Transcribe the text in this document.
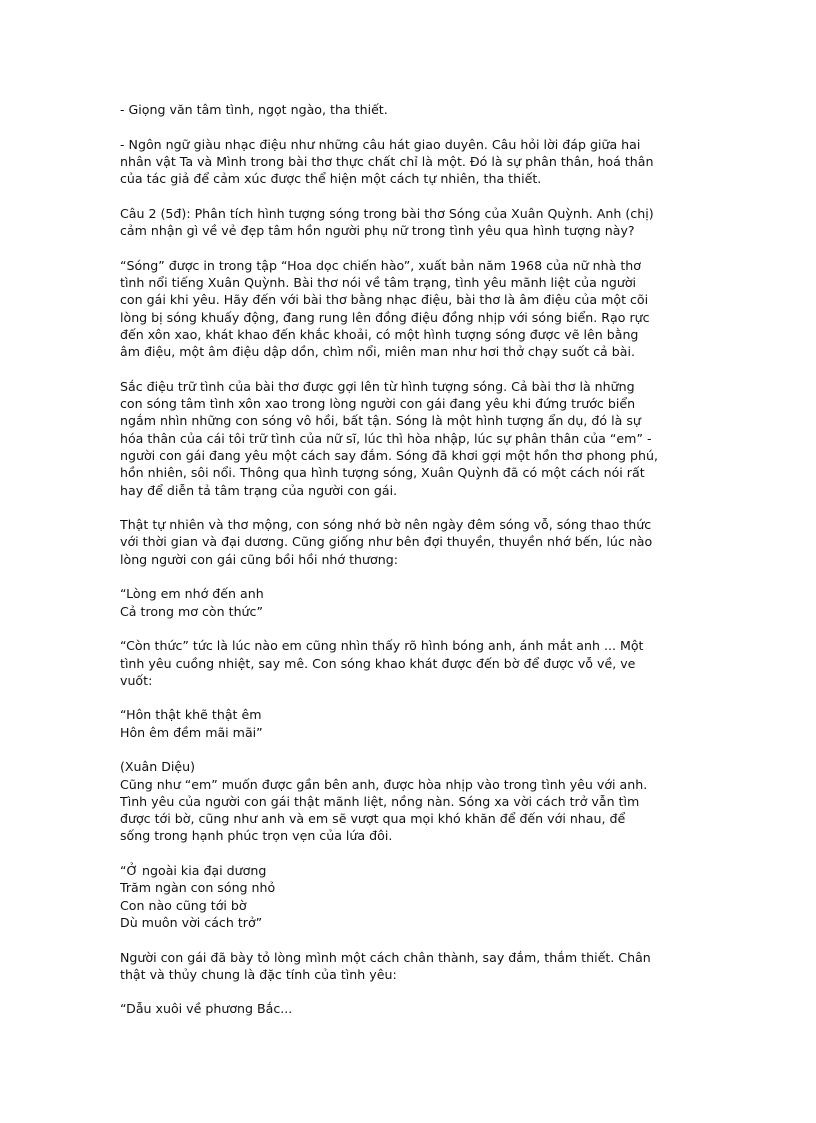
- Giọng văn tâm tình, ngọt ngào, tha thiết.

- Ngôn ngữ giàu nhạc điệu như những câu hát giao duyên. Câu hỏi lời đáp giữa hai
nhân vật Ta và Mình trong bài thơ thực chất chỉ là một. Đó là sự phân thân, hoá thân
của tác giả để cảm xúc được thể hiện một cách tự nhiên, tha thiết.

Câu 2 (5đ): Phân tích hình tượng sóng trong bài thơ Sóng của Xuân Quỳnh. Anh (chị)
cảm nhận gì về vẻ đẹp tâm hồn người phụ nữ trong tình yêu qua hình tượng này?

“Sóng” được in trong tập “Hoa dọc chiến hào”, xuất bản năm 1968 của nữ nhà thơ
tình nổi tiếng Xuân Quỳnh. Bài thơ nói về tâm trạng, tình yêu mãnh liệt của người
con gái khi yêu. Hãy đến với bài thơ bằng nhạc điệu, bài thơ là âm điệu của một cõi
lòng bị sóng khuấy động, đang rung lên đồng điệu đồng nhịp với sóng biển. Rạo rực
đến xôn xao, khát khao đến khắc khoải, có một hình tượng sóng được vẽ lên bằng
âm điệu, một âm điệu dập dồn, chìm nổi, miên man như hơi thở chạy suốt cả bài.

Sắc điệu trữ tình của bài thơ được gợi lên từ hình tượng sóng. Cả bài thơ là những
con sóng tâm tình xôn xao trong lòng người con gái đang yêu khi đứng trước biển
ngắm nhìn những con sóng vô hồi, bất tận. Sóng là một hình tượng ẩn dụ, đó là sự
hóa thân của cái tôi trữ tình của nữ sĩ, lúc thì hòa nhập, lúc sự phân thân của “em” -
người con gái đang yêu một cách say đắm. Sóng đã khơi gợi một hồn thơ phong phú,
hồn nhiên, sôi nổi. Thông qua hình tượng sóng, Xuân Quỳnh đã có một cách nói rất
hay để diễn tả tâm trạng của người con gái.

Thật tự nhiên và thơ mộng, con sóng nhớ bờ nên ngày đêm sóng vỗ, sóng thao thức
với thời gian và đại dương. Cũng giống như bên đợi thuyền, thuyền nhớ bến, lúc nào
lòng người con gái cũng bồi hồi nhớ thương:

“Lòng em nhớ đến anh
Cả trong mơ còn thức”

“Còn thức” tức là lúc nào em cũng nhìn thấy rõ hình bóng anh, ánh mắt anh ... Một
tình yêu cuồng nhiệt, say mê. Con sóng khao khát được đến bờ để được vỗ về, ve
vuốt:

“Hôn thật khẽ thật êm
Hôn êm đềm mãi mãi”

(Xuân Diệu)
Cũng như “em” muốn được gần bên anh, được hòa nhịp vào trong tình yêu với anh.
Tình yêu của người con gái thật mãnh liệt, nồng nàn. Sóng xa vời cách trở vẫn tìm
được tới bờ, cũng như anh và em sẽ vượt qua mọi khó khăn để đến với nhau, để
sống trong hạnh phúc trọn vẹn của lứa đôi.

“Ở ngoài kia đại dương
Trăm ngàn con sóng nhỏ
Con nào cũng tới bờ
Dù muôn vời cách trở”

Người con gái đã bày tỏ lòng mình một cách chân thành, say đắm, thắm thiết. Chân
thật và thủy chung là đặc tính của tình yêu:

“Dẫu xuôi về phương Bắc...
